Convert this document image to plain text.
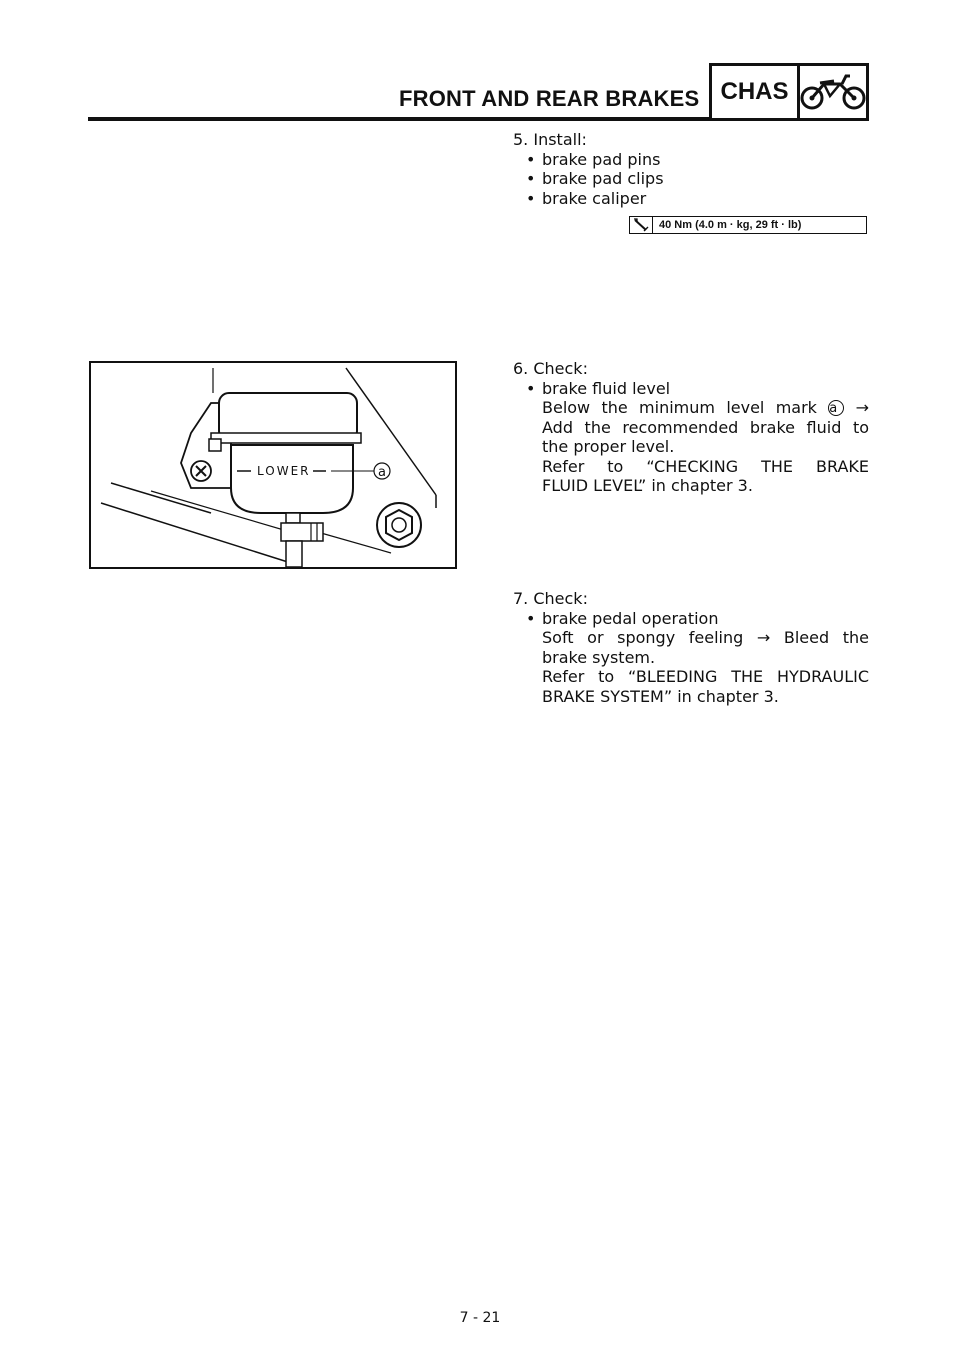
FRONT AND REAR BRAKES CHAS
5. Install:
• brake pad pins
• brake pad clips
• brake caliper
40 Nm (4.0 m · kg, 29 ft · lb)
LOWER	a
6. Check:
• brake fluid level
Below the minimum level mark a →
Add the recommended brake fluid to
the proper level.
Refer to “CHECKING THE BRAKE
FLUID LEVEL” in chapter 3.
7. Check:
• brake pedal operation
Soft or spongy feeling → Bleed the
brake system.
Refer to “BLEEDING THE HYDRAULIC
BRAKE SYSTEM” in chapter 3.
7 - 21
